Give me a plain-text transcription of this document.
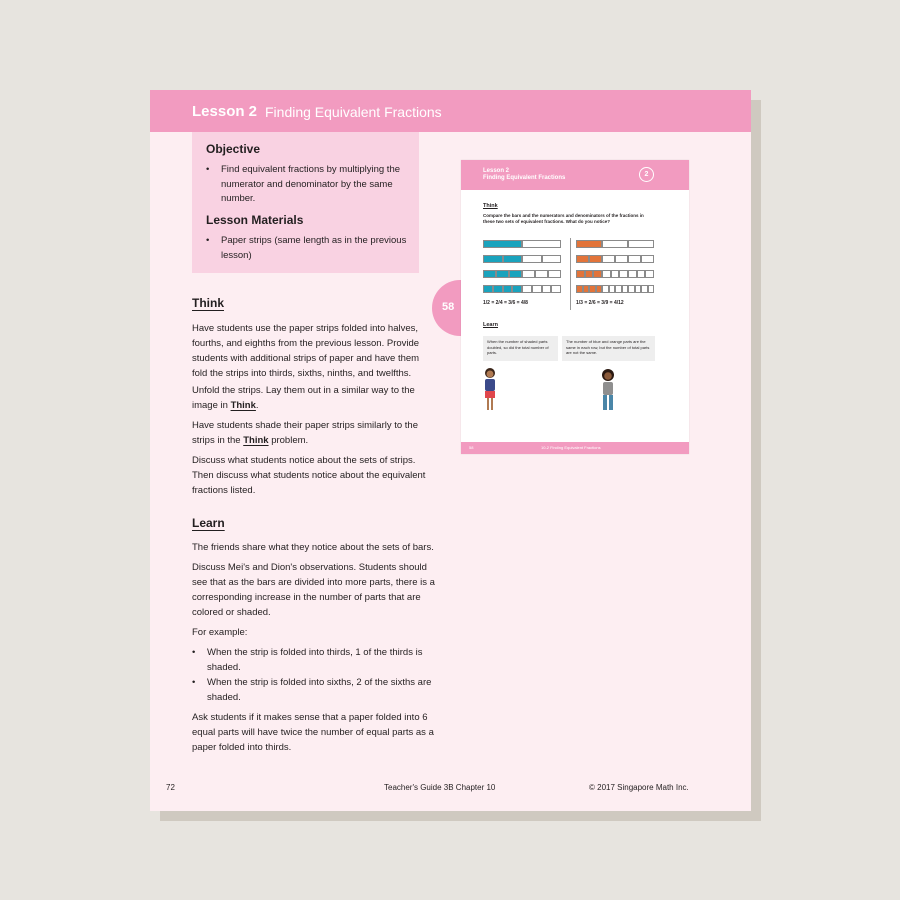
Lesson 2 Finding Equivalent Fractions
Objective
• Find equivalent fractions by multiplying the numerator and denominator by the same number.
Lesson Materials
• Paper strips (same length as in the previous lesson)
Think
Have students use the paper strips folded into halves, fourths, and eighths from the previous lesson. Provide students with additional strips of paper and have them fold the strips into thirds, sixths, ninths, and twelfths.
Unfold the strips. Lay them out in a similar way to the image in Think.
Have students shade their paper strips similarly to the strips in the Think problem.
Discuss what students notice about the sets of strips. Then discuss what students notice about the equivalent fractions listed.
Learn
The friends share what they notice about the sets of bars.
Discuss Mei's and Dion's observations. Students should see that as the bars are divided into more parts, there is a corresponding increase in the number of parts that are colored or shaded.
For example:
• When the strip is folded into thirds, 1 of the thirds is shaded.
• When the strip is folded into sixths, 2 of the sixths are shaded.
Ask students if it makes sense that a paper folded into 6 equal parts will have twice the number of equal parts as a paper folded into thirds.
72	Teacher's Guide 3B Chapter 10	© 2017 Singapore Math Inc.
58
Lesson 2
Finding Equivalent Fractions	2
Think
Compare the bars and the numerators and denominators of the fractions in these two sets of equivalent fractions. What do you notice?
1/2 = 2/4 = 3/6 = 4/8	1/3 = 2/6 = 3/9 = 4/12
Learn
When the number of shaded parts doubled, so did the total number of parts.
The number of blue and orange parts are the same in each row, but the number of total parts are not the same.
58	10-2 Finding Equivalent Fractions
